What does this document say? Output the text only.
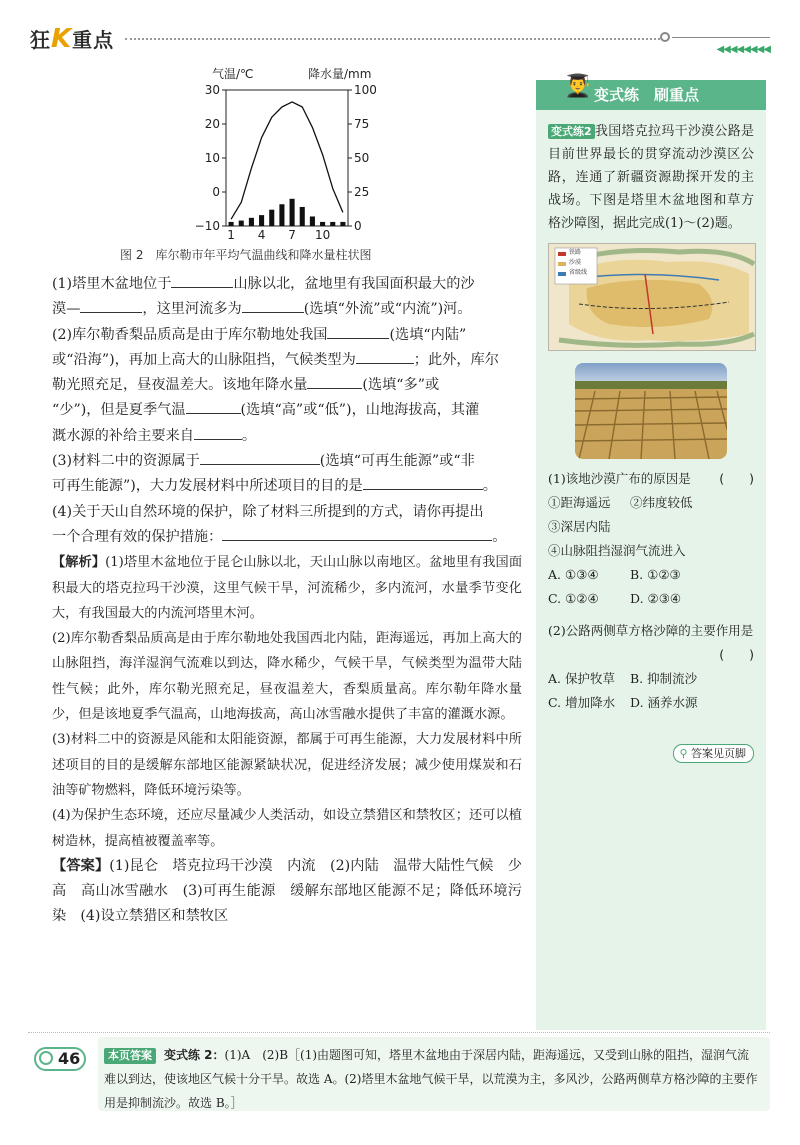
狂K重点	◀◀◀◀◀◀◀◀
气温/℃	降水量/mm
30
20
10
0
−10
100
75
50
25
0
1 4 7 10
图 2　库尔勒市年平均气温曲线和降水量柱状图

(1)塔里木盆地位于	山脉以北，盆地里有我国面积最大的沙
漠—	，这里河流多为	(选填“外流”或“内流”)河。

(2)库尔勒香梨品质高是由于库尔勒地处我国	(选填“内陆”
或“沿海”)，再加上高大的山脉阻挡，气候类型为	；此外，库尔
勒光照充足，昼夜温差大。该地年降水量	(选填“多”或
“少”)，但是夏季气温	(选填“高”或“低”)，山地海拔高，其灌
溉水源的补给主要来自	。

(3)材料二中的资源属于	(选填“可再生能源”或“非
可再生能源”)，大力发展材料中所述项目的目的是	。

(4)关于天山自然环境的保护，除了材料三所提到的方式，请你再提出
一个合理有效的保护措施：	。

【解析】(1)塔里木盆地位于昆仑山脉以北，天山山脉以南地区。盆地里有我国面积最大的塔克拉玛干沙漠，这里气候干旱，河流稀少，多内流河，水量季节变化大，有我国最大的内流河塔里木河。

(2)库尔勒香梨品质高是由于库尔勒地处我国西北内陆，距海遥远，再加上高大的山脉阻挡，海洋湿润气流难以到达，降水稀少，气候干旱，气候类型为温带大陆性气候；此外，库尔勒光照充足，昼夜温差大，香梨质量高。库尔勒年降水量少，但是该地夏季气温高，山地海拔高，高山冰雪融水提供了丰富的灌溉水源。

(3)材料二中的资源是风能和太阳能资源，都属于可再生能源，大力发展材料中所述项目的目的是缓解东部地区能源紧缺状况，促进经济发展；减少使用煤炭和石油等矿物燃料，降低环境污染等。

(4)为保护生态环境，还应尽量减少人类活动，如设立禁猎区和禁牧区；还可以植树造林，提高植被覆盖率等。

【答案】(1)昆仑　塔克拉玛干沙漠　内流　(2)内陆　温带大陆性气候　少　高　高山冰雪融水　(3)可再生能源　缓解东部地区能源不足；降低环境污染　(4)设立禁猎区和禁牧区

👨‍🎓 变式练　刷重点

变式练2 我国塔克拉玛干沙漠公路是目前世界最长的贯穿流动沙漠区公路，连通了新疆资源勘探开发的主战场。下图是塔里木盆地图和草方格沙障图，据此完成(1)～(2)题。

铁路
沙漠
省级线
(1)该地沙漠广布的原因是 (　　)
①距海遥远 ②纬度较低
③深居内陆④山脉阻挡湿润气流进入
A. ①③④	B. ①②③
C. ①②④	D. ②③④
(2)公路两侧草方格沙障的主要作用是
(　　)
A. 保护牧草 B. 抑制流沙
C. 增加降水 D. 涵养水源
⚲ 答案见页脚
46	本页答案 变式练 2：(1)A　(2)B［(1)由题图可知，塔里木盆地由于深居内陆，距海遥远，又受到山脉的阻挡，湿润气流难以到达，使该地区气候十分干旱。故选 A。(2)塔里木盆地气候干旱，以荒漠为主，多风沙，公路两侧草方格沙障的主要作用是抑制流沙。故选 B。］
